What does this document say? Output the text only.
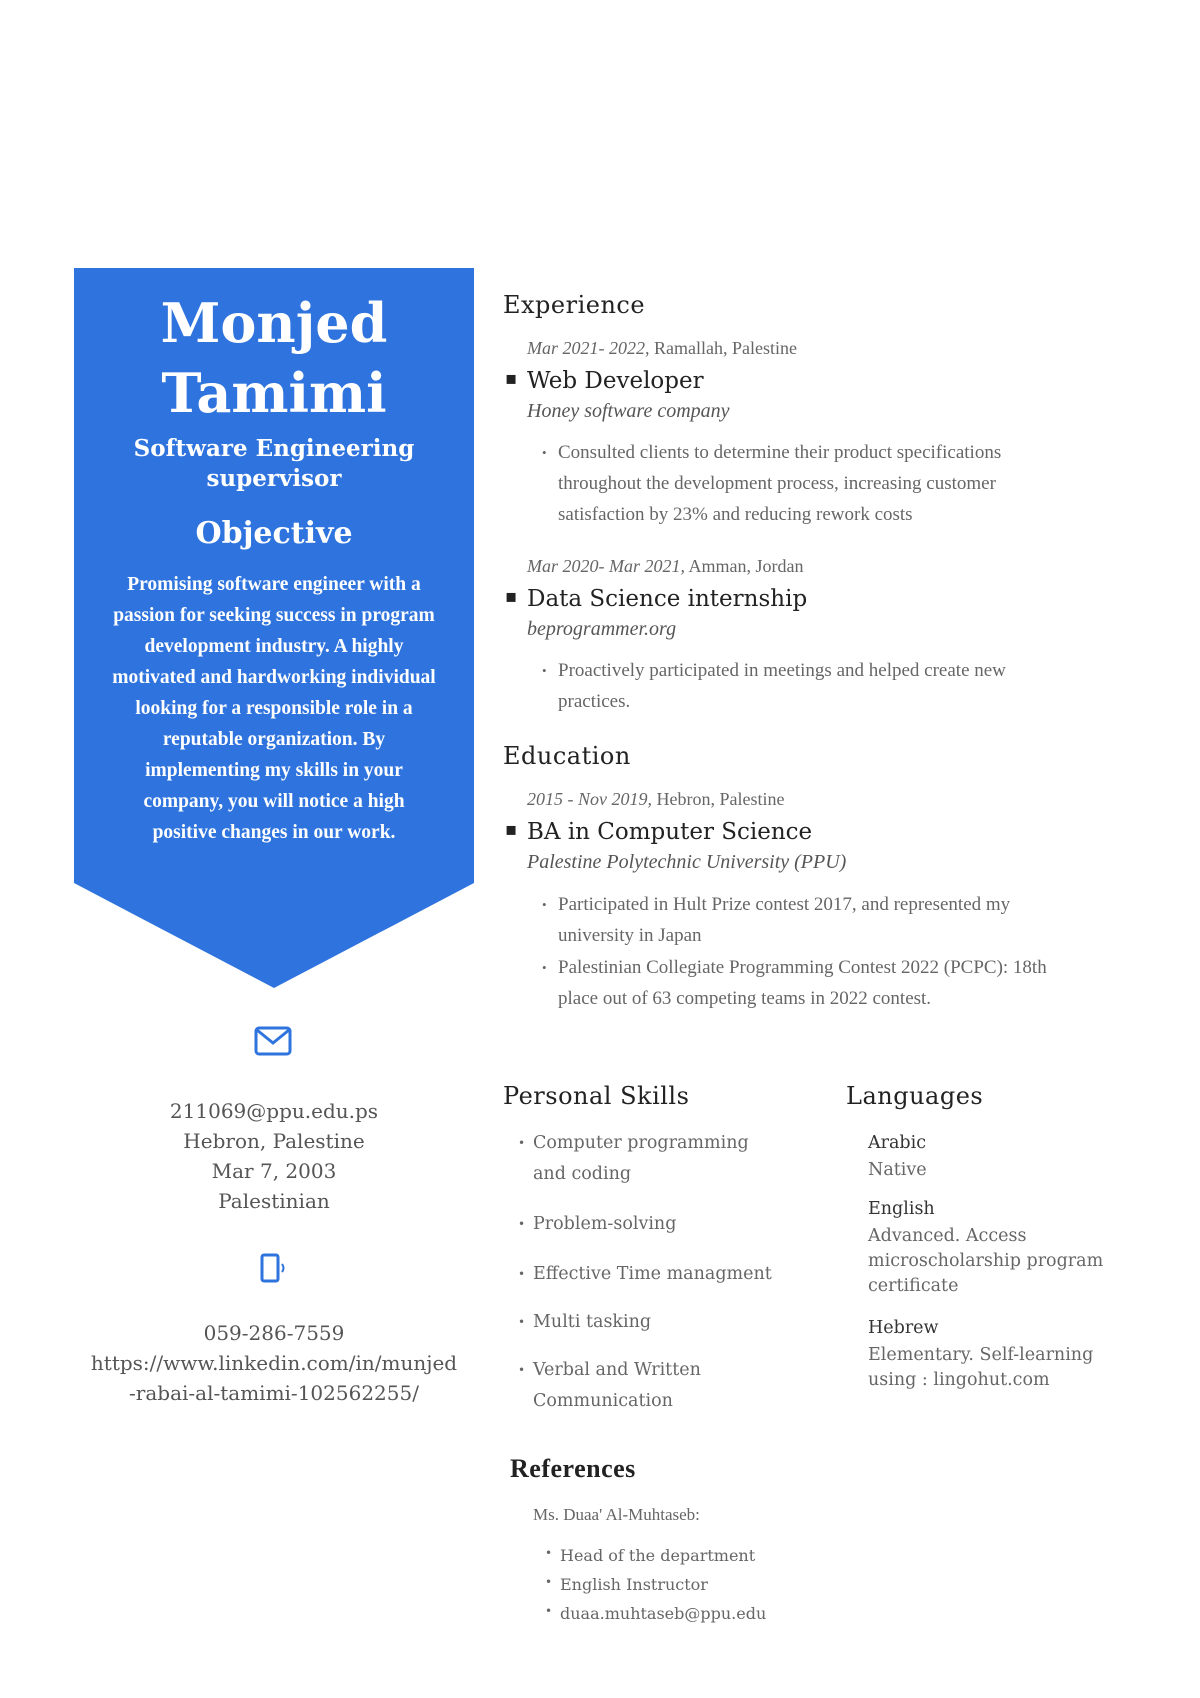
Monjed
Tamimi
Software Engineering
supervisor
Objective
Promising software engineer with a
passion for seeking success in program
development industry. A highly
motivated and hardworking individual
looking for a responsible role in a
reputable organization. By
implementing my skills in your
company, you will notice a high
positive changes in our work.
211069@ppu.edu.ps
Hebron, Palestine
Mar 7, 2003
Palestinian
059-286-7559
https://www.linkedin.com/in/munjed
-rabai-al-tamimi-102562255/
Experience
Mar 2021- 2022, Ramallah, Palestine
▪ Web Developer
Honey software company
• Consulted clients to determine their product specifications
throughout the development process, increasing customer
satisfaction by 23% and reducing rework costs
Mar 2020- Mar 2021, Amman, Jordan
▪ Data Science internship
beprogrammer.org
• Proactively participated in meetings and helped create new
practices.
Education
2015 - Nov 2019, Hebron, Palestine
▪ BA in Computer Science
Palestine Polytechnic University (PPU)
• Participated in Hult Prize contest 2017, and represented my
university in Japan
• Palestinian Collegiate Programming Contest 2022 (PCPC): 18th
place out of 63 competing teams in 2022 contest.
Personal Skills
• Computer programming
and coding
• Problem-solving
• Effective Time managment
• Multi tasking
• Verbal and Written
Communication
Languages
Arabic
Native
English
Advanced. Access
microscholarship program
certificate
Hebrew
Elementary. Self-learning
using : lingohut.com
References
Ms. Duaa' Al-Muhtaseb:
• Head of the department
• English Instructor
• duaa.muhtaseb@ppu.edu
